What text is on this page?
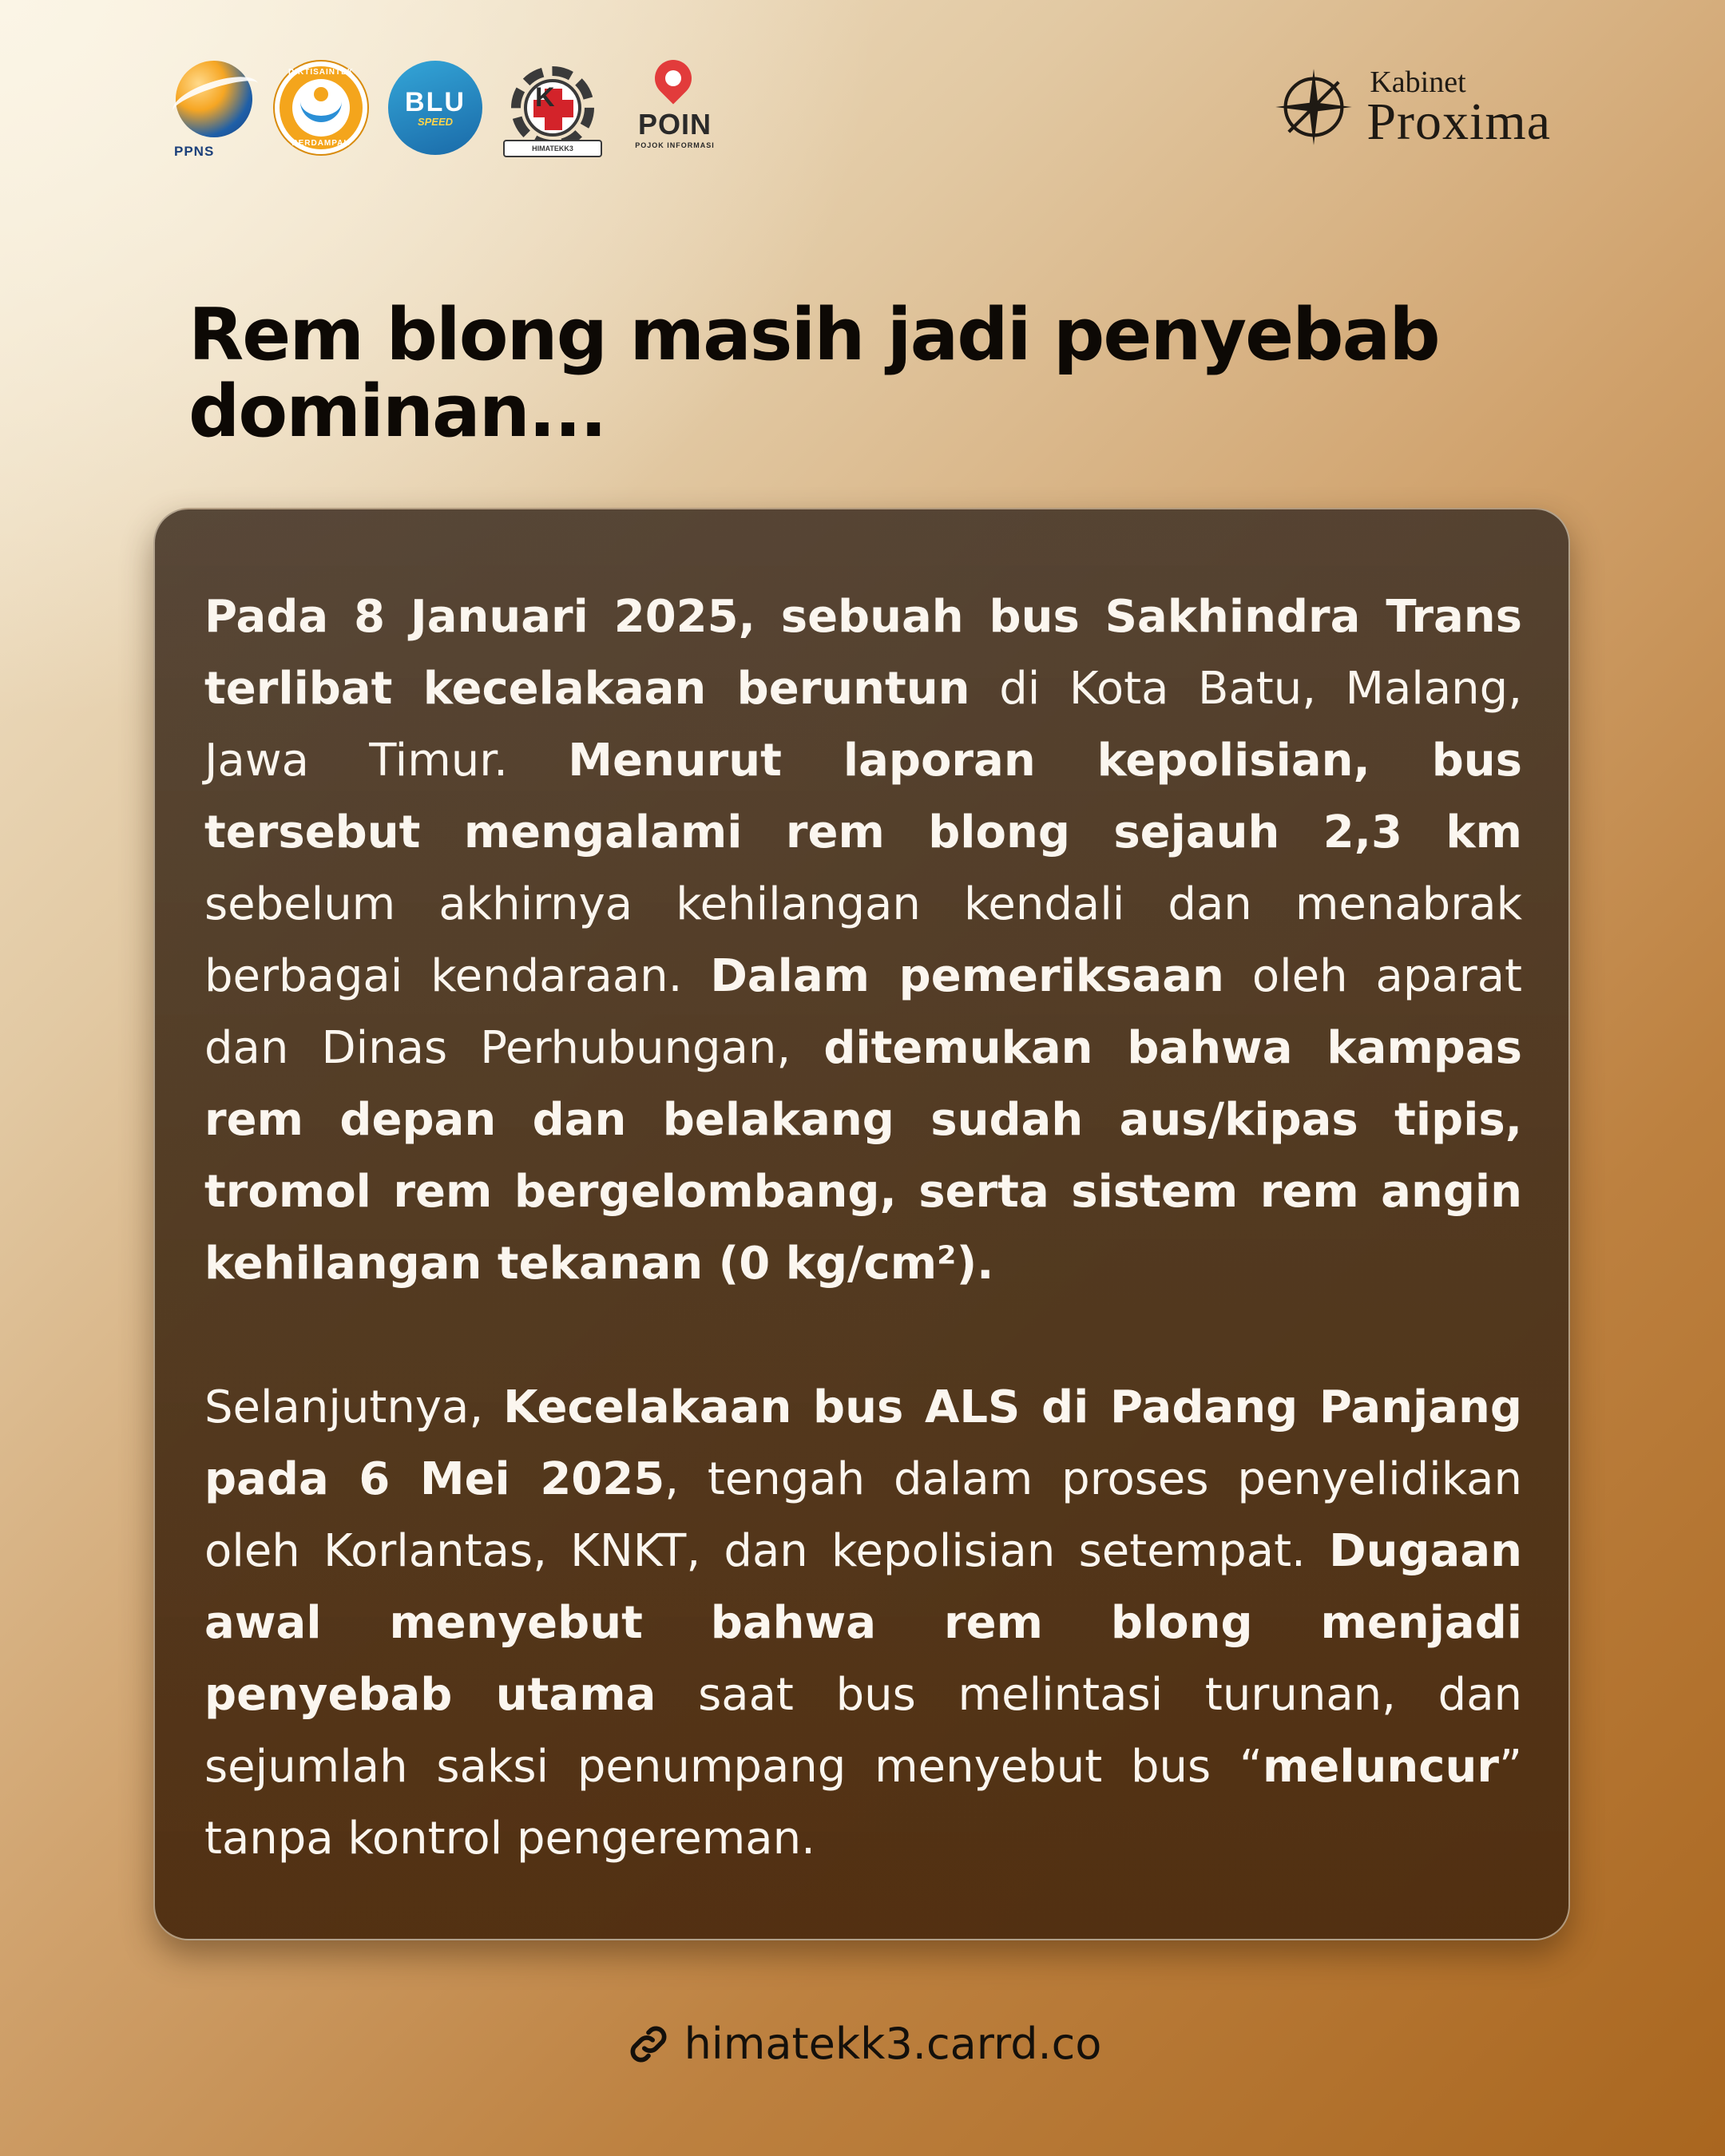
PPNS
DIKTISAINTEK
BERDAMPAK
BLU
SPEED
K
HIMATEKK3
POIN
POJOK INFORMASI
Kabinet
Proxima
Rem blong masih jadi penyebab
dominan...

Pada 8 Januari 2025, sebuah bus Sakhindra Trans terlibat kecelakaan beruntun di Kota Batu, Malang, Jawa Timur. Menurut laporan kepolisian, bus tersebut mengalami rem blong sejauh 2,3 km sebelum akhirnya kehilangan kendali dan menabrak berbagai kendaraan. Dalam pemeriksaan oleh aparat dan Dinas Perhubungan, ditemukan bahwa kampas rem depan dan belakang sudah aus/kipas tipis, tromol rem bergelombang, serta sistem rem angin kehilangan tekanan (0 kg/cm²).

Selanjutnya, Kecelakaan bus ALS di Padang Panjang pada 6 Mei 2025, tengah dalam proses penyelidikan oleh Korlantas, KNKT, dan kepolisian setempat. Dugaan awal menyebut bahwa rem blong menjadi penyebab utama saat bus melintasi turunan, dan sejumlah saksi penumpang menyebut bus “meluncur” tanpa kontrol pengereman.

himatekk3.carrd.co
